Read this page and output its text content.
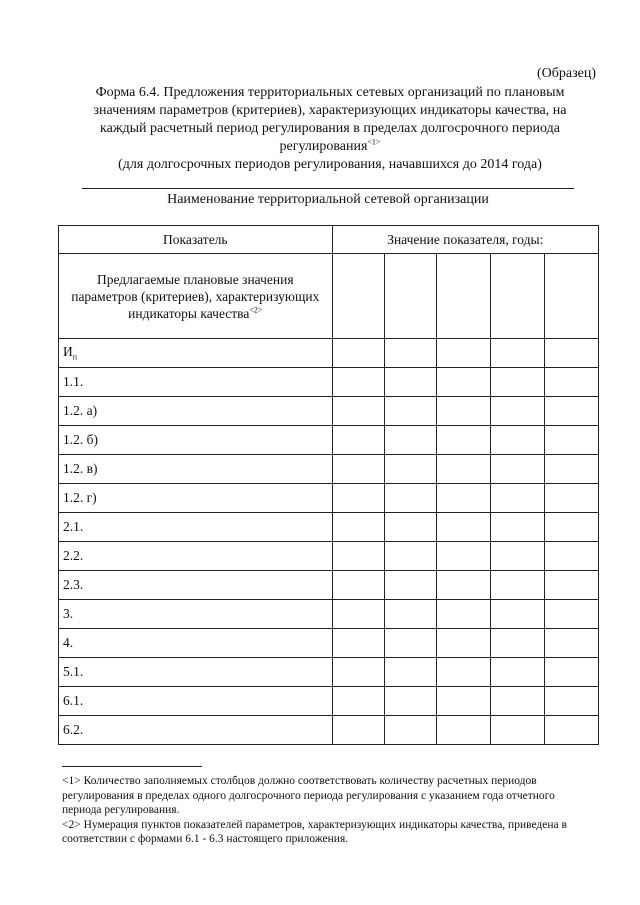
(Образец)
Форма 6.4. Предложения территориальных сетевых организаций по плановым
значениям параметров (критериев), характеризующих индикаторы качества, на
каждый расчетный период регулирования в пределах долгосрочного периода
регулирования$^{<1>}$
(для долгосрочных периодов регулирования, начавшихся до 2014 года)
Наименование территориальной сетевой организации
Показатель	Значение показателя, годы:				
Предлагаемые плановые значения параметров (критериев), характеризующих индикаторы качества$^{<2>}$					
$И_п$					
1.1.					
1.2. а)					
1.2. б)					
1.2. в)					
1.2. г)					
2.1.					
2.2.					
2.3.					
3.					
4.					
5.1.					
6.1.					
6.2.					

<1> Количество заполняемых столбцов должно соответствовать количеству расчетных периодов регулирования в пределах одного долгосрочного периода регулирования с указанием года отчетного периода регулирования.

<2> Нумерация пунктов показателей параметров, характеризующих индикаторы качества, приведена в соответствии с формами 6.1 - 6.3 настоящего приложения.
